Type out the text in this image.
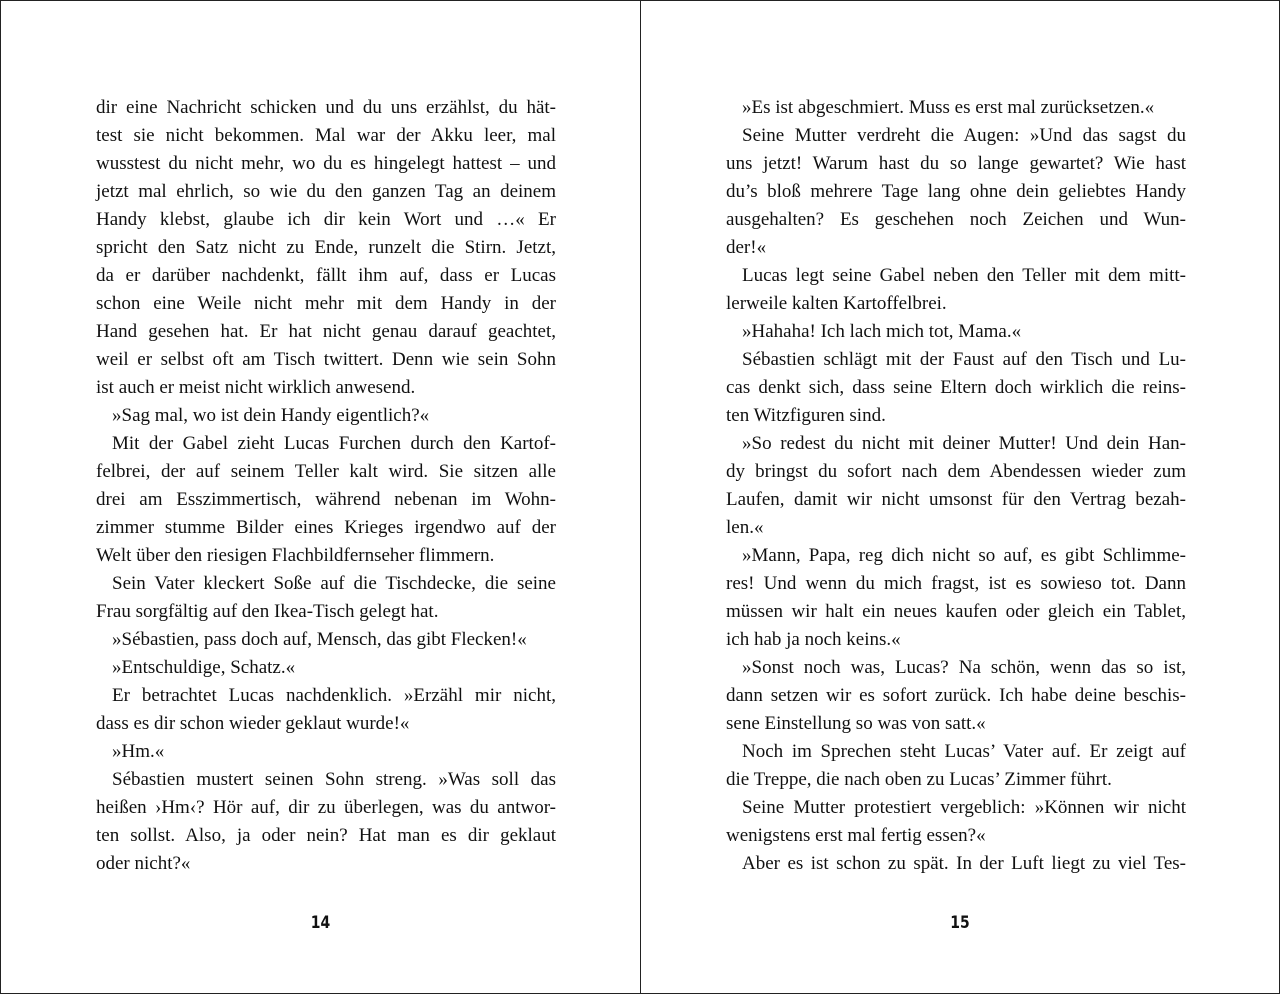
dir eine Nachricht schicken und du uns erzählst, du hät-
test sie nicht bekommen. Mal war der Akku leer, mal
wusstest du nicht mehr, wo du es hingelegt hattest – und
jetzt mal ehrlich, so wie du den ganzen Tag an deinem
Handy klebst, glaube ich dir kein Wort und …« Er
spricht den Satz nicht zu Ende, runzelt die Stirn. Jetzt,
da er darüber nachdenkt, fällt ihm auf, dass er Lucas
schon eine Weile nicht mehr mit dem Handy in der
Hand gesehen hat. Er hat nicht genau darauf geachtet,
weil er selbst oft am Tisch twittert. Denn wie sein Sohn
ist auch er meist nicht wirklich anwesend.
»Sag mal, wo ist dein Handy eigentlich?«
Mit der Gabel zieht Lucas Furchen durch den Kartof-
felbrei, der auf seinem Teller kalt wird. Sie sitzen alle
drei am Esszimmertisch, während nebenan im Wohn-
zimmer stumme Bilder eines Krieges irgendwo auf der
Welt über den riesigen Flachbildfernseher flimmern.
Sein Vater kleckert Soße auf die Tischdecke, die seine
Frau sorgfältig auf den Ikea-Tisch gelegt hat.
»Sébastien, pass doch auf, Mensch, das gibt Flecken!«
»Entschuldige, Schatz.«
Er betrachtet Lucas nachdenklich. »Erzähl mir nicht,
dass es dir schon wieder geklaut wurde!«
»Hm.«
Sébastien mustert seinen Sohn streng. »Was soll das
heißen ›Hm‹? Hör auf, dir zu überlegen, was du antwor-
ten sollst. Also, ja oder nein? Hat man es dir geklaut
oder nicht?«
14
»Es ist abgeschmiert. Muss es erst mal zurücksetzen.«
Seine Mutter verdreht die Augen: »Und das sagst du
uns jetzt! Warum hast du so lange gewartet? Wie hast
du’s bloß mehrere Tage lang ohne dein geliebtes Handy
ausgehalten? Es geschehen noch Zeichen und Wun-
der!«
Lucas legt seine Gabel neben den Teller mit dem mitt-
lerweile kalten Kartoffelbrei.
»Hahaha! Ich lach mich tot, Mama.«
Sébastien schlägt mit der Faust auf den Tisch und Lu-
cas denkt sich, dass seine Eltern doch wirklich die reins-
ten Witzfiguren sind.
»So redest du nicht mit deiner Mutter! Und dein Han-
dy bringst du sofort nach dem Abendessen wieder zum
Laufen, damit wir nicht umsonst für den Vertrag bezah-
len.«
»Mann, Papa, reg dich nicht so auf, es gibt Schlimme-
res! Und wenn du mich fragst, ist es sowieso tot. Dann
müssen wir halt ein neues kaufen oder gleich ein Tablet,
ich hab ja noch keins.«
»Sonst noch was, Lucas? Na schön, wenn das so ist,
dann setzen wir es sofort zurück. Ich habe deine beschis-
sene Einstellung so was von satt.«
Noch im Sprechen steht Lucas’ Vater auf. Er zeigt auf
die Treppe, die nach oben zu Lucas’ Zimmer führt.
Seine Mutter protestiert vergeblich: »Können wir nicht
wenigstens erst mal fertig essen?«
Aber es ist schon zu spät. In der Luft liegt zu viel Tes-
15
